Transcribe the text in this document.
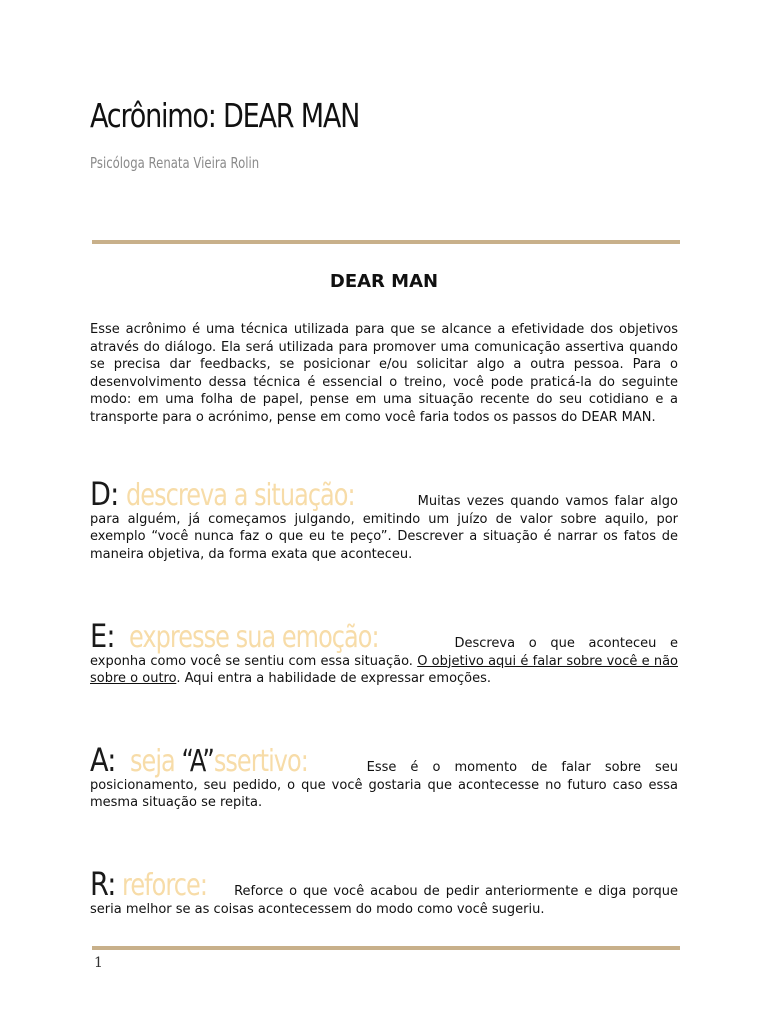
Acrônimo: DEAR MAN
Psicóloga Renata Vieira Rolin
DEAR MAN
Esse acrônimo é uma técnica utilizada para que se alcance a efetividade dos objetivos através do diálogo. Ela será utilizada para promover uma comunicação assertiva quando se precisa dar feedbacks, se posicionar e/ou solicitar algo a outra pessoa. Para o desenvolvimento dessa técnica é essencial o treino, você pode praticá-la do seguinte modo: em uma folha de papel, pense em uma situação recente do seu cotidiano e a transporte para o acrónimo, pense em como você faria todos os passos do DEAR MAN.
D: descreva a situação:	Muitas vezes quando vamos falar algo para alguém, já começamos julgando, emitindo um juízo de valor sobre aquilo, por exemplo “você nunca faz o que eu te peço”. Descrever a situação é narrar os fatos de maneira objetiva, da forma exata que aconteceu.
E: expresse sua emoção:	Descreva o que aconteceu e exponha como você se sentiu com essa situação. O objetivo aqui é falar sobre você e não sobre o outro. Aqui entra a habilidade de expressar emoções.
A: seja “A”ssertivo:	Esse é o momento de falar sobre seu posicionamento, seu pedido, o que você gostaria que acontecesse no futuro caso essa mesma situação se repita.
R: reforce: Reforce o que você acabou de pedir anteriormente e diga porque seria melhor se as coisas acontecessem do modo como você sugeriu.
1
